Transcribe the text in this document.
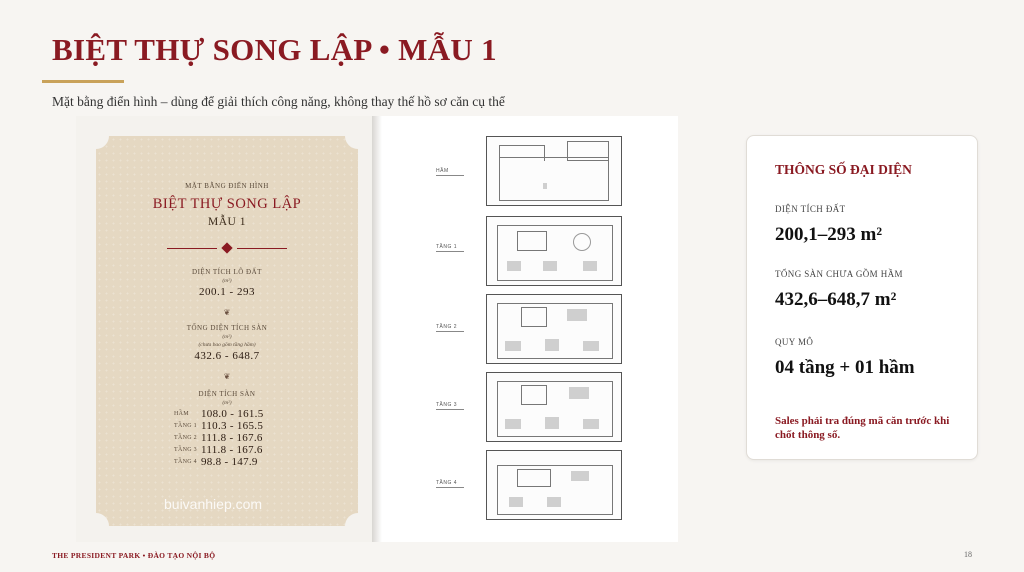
BIỆT THỰ SONG LẬP • MẪU 1
Mặt bằng điển hình – dùng để giải thích công năng, không thay thế hồ sơ căn cụ thể
MẶT BẰNG ĐIỂN HÌNH
BIỆT THỰ SONG LẬP
MẪU 1
DIỆN TÍCH LÔ ĐẤT
(m²)
200.1 - 293
❦
TỔNG DIỆN TÍCH SÀN
(m²)
(chưa bao gồm tầng hầm)
432.6 - 648.7
❦
DIỆN TÍCH SÀN
(m²)
HẦM	108.0 - 161.5
TẦNG 1	110.3 - 165.5
TẦNG 2	111.8 - 167.6
TẦNG 3	111.8 - 167.6
TẦNG 4	98.8 - 147.9
buivanhiep.com
HẦM
TẦNG 1
TẦNG 2
TẦNG 3
TẦNG 4
THÔNG SỐ ĐẠI DIỆN
DIỆN TÍCH ĐẤT
200,1–293 m²
TỔNG SÀN CHƯA GỒM HẦM
432,6–648,7 m²
QUY MÔ
04 tầng + 01 hầm
Sales phải tra đúng mã căn trước khi chốt thông số.
THE PRESIDENT PARK • ĐÀO TẠO NỘI BỘ	18
